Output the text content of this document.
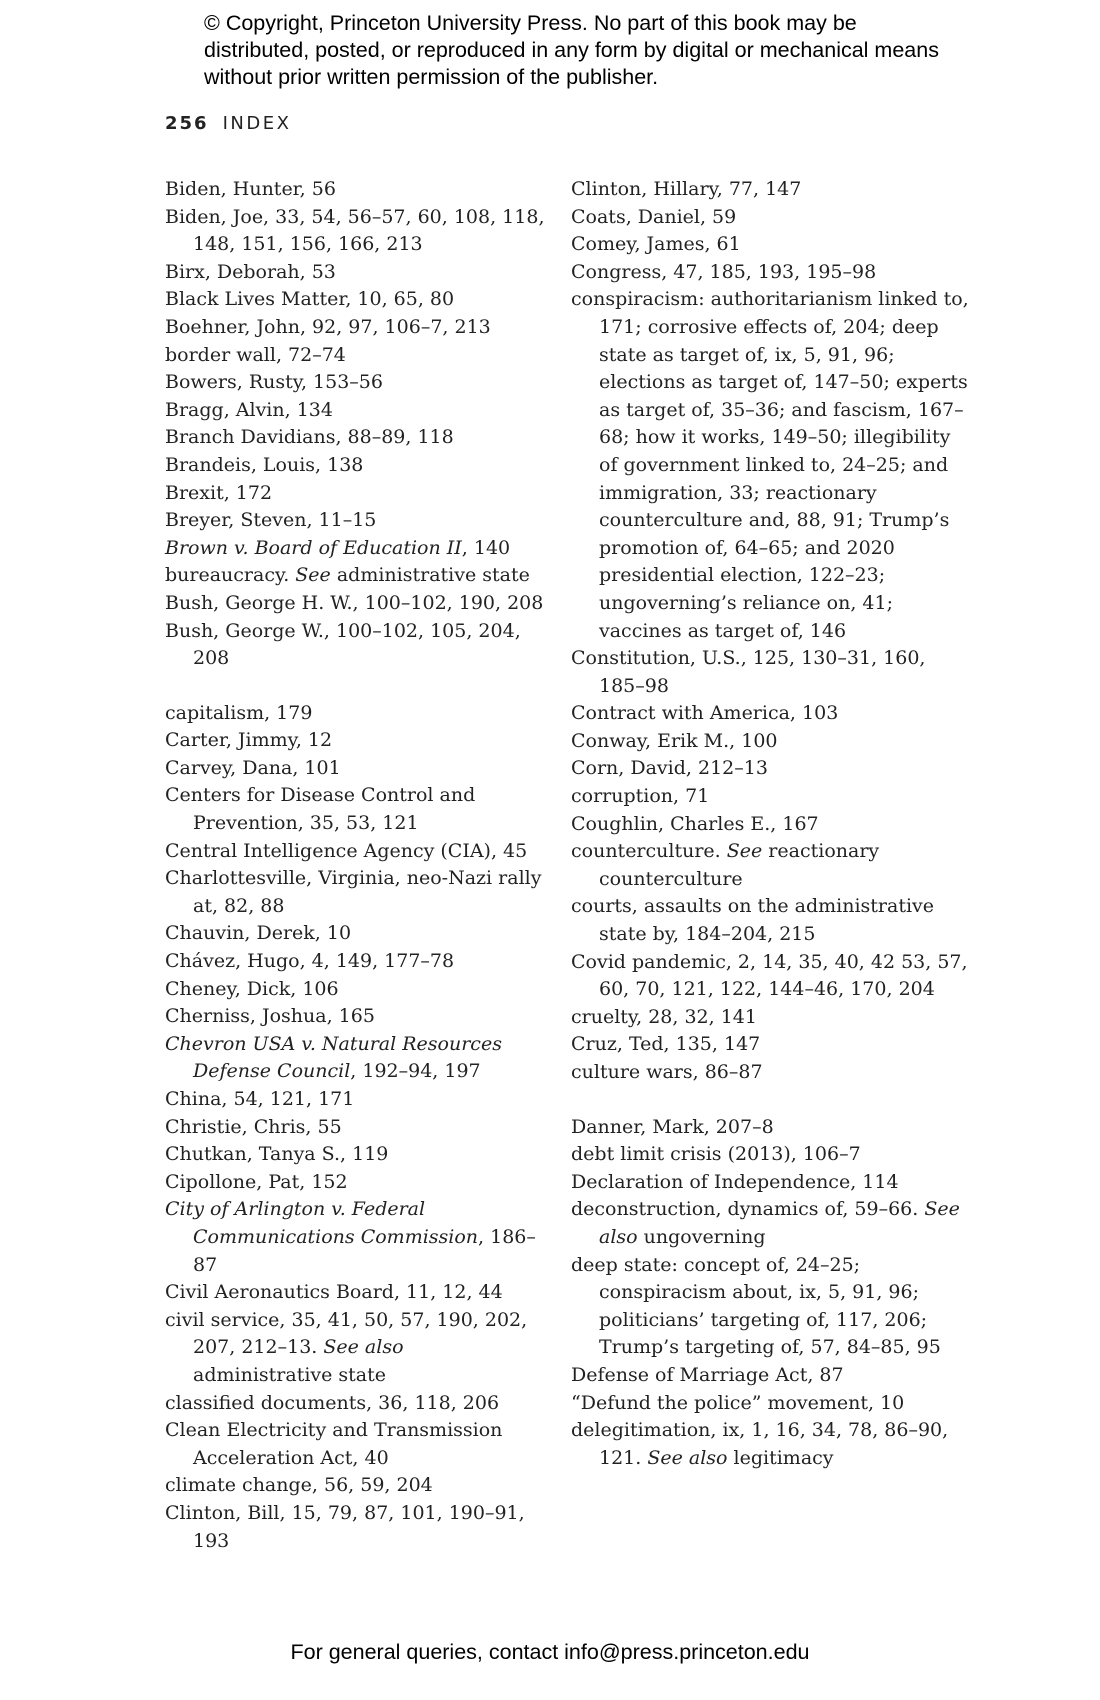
© Copyright, Princeton University Press. No part of this book may be distributed, posted, or reproduced in any form by digital or mechanical means without prior written permission of the publisher.
256 INDEX
Biden, Hunter, 56
Biden, Joe, 33, 54, 56–57, 60, 108, 118, 148, 151, 156, 166, 213
Birx, Deborah, 53
Black Lives Matter, 10, 65, 80
Boehner, John, 92, 97, 106–7, 213
border wall, 72–74
Bowers, Rusty, 153–56
Bragg, Alvin, 134
Branch Davidians, 88–89, 118
Brandeis, Louis, 138
Brexit, 172
Breyer, Steven, 11–15
Brown v. Board of Education II, 140
bureaucracy. See administrative state
Bush, George H. W., 100–102, 190, 208
Bush, George W., 100–102, 105, 204, 208
capitalism, 179
Carter, Jimmy, 12
Carvey, Dana, 101
Centers for Disease Control and Prevention, 35, 53, 121
Central Intelligence Agency (CIA), 45
Charlottesville, Virginia, neo-Nazi rally at, 82, 88
Chauvin, Derek, 10
Chávez, Hugo, 4, 149, 177–78
Cheney, Dick, 106
Cherniss, Joshua, 165
Chevron USA v. Natural Resources Defense Council, 192–94, 197
China, 54, 121, 171
Christie, Chris, 55
Chutkan, Tanya S., 119
Cipollone, Pat, 152
City of Arlington v. Federal Communications Commission, 186–87
Civil Aeronautics Board, 11, 12, 44
civil service, 35, 41, 50, 57, 190, 202, 207, 212–13. See also administrative state
classified documents, 36, 118, 206
Clean Electricity and Transmission Acceleration Act, 40
climate change, 56, 59, 204
Clinton, Bill, 15, 79, 87, 101, 190–91, 193
Clinton, Hillary, 77, 147
Coats, Daniel, 59
Comey, James, 61
Congress, 47, 185, 193, 195–98
conspiracism: authoritarianism linked to, 171; corrosive effects of, 204; deep state as target of, ix, 5, 91, 96; elections as target of, 147–50; experts as target of, 35–36; and fascism, 167–68; how it works, 149–50; illegibility of government linked to, 24–25; and immigration, 33; reactionary counterculture and, 88, 91; Trump’s promotion of, 64–65; and 2020 presidential election, 122–23; ungoverning’s reliance on, 41; vaccines as target of, 146
Constitution, U.S., 125, 130–31, 160, 185–98
Contract with America, 103
Conway, Erik M., 100
Corn, David, 212–13
corruption, 71
Coughlin, Charles E., 167
counterculture. See reactionary counterculture
courts, assaults on the administrative state by, 184–204, 215
Covid pandemic, 2, 14, 35, 40, 42 53, 57, 60, 70, 121, 122, 144–46, 170, 204
cruelty, 28, 32, 141
Cruz, Ted, 135, 147
culture wars, 86–87
Danner, Mark, 207–8
debt limit crisis (2013), 106–7
Declaration of Independence, 114
deconstruction, dynamics of, 59–66. See also ungoverning
deep state: concept of, 24–25; conspiracism about, ix, 5, 91, 96; politicians’ targeting of, 117, 206; Trump’s targeting of, 57, 84–85, 95
Defense of Marriage Act, 87
“Defund the police” movement, 10
delegitimation, ix, 1, 16, 34, 78, 86–90, 121. See also legitimacy
For general queries, contact info@press.princeton.edu
